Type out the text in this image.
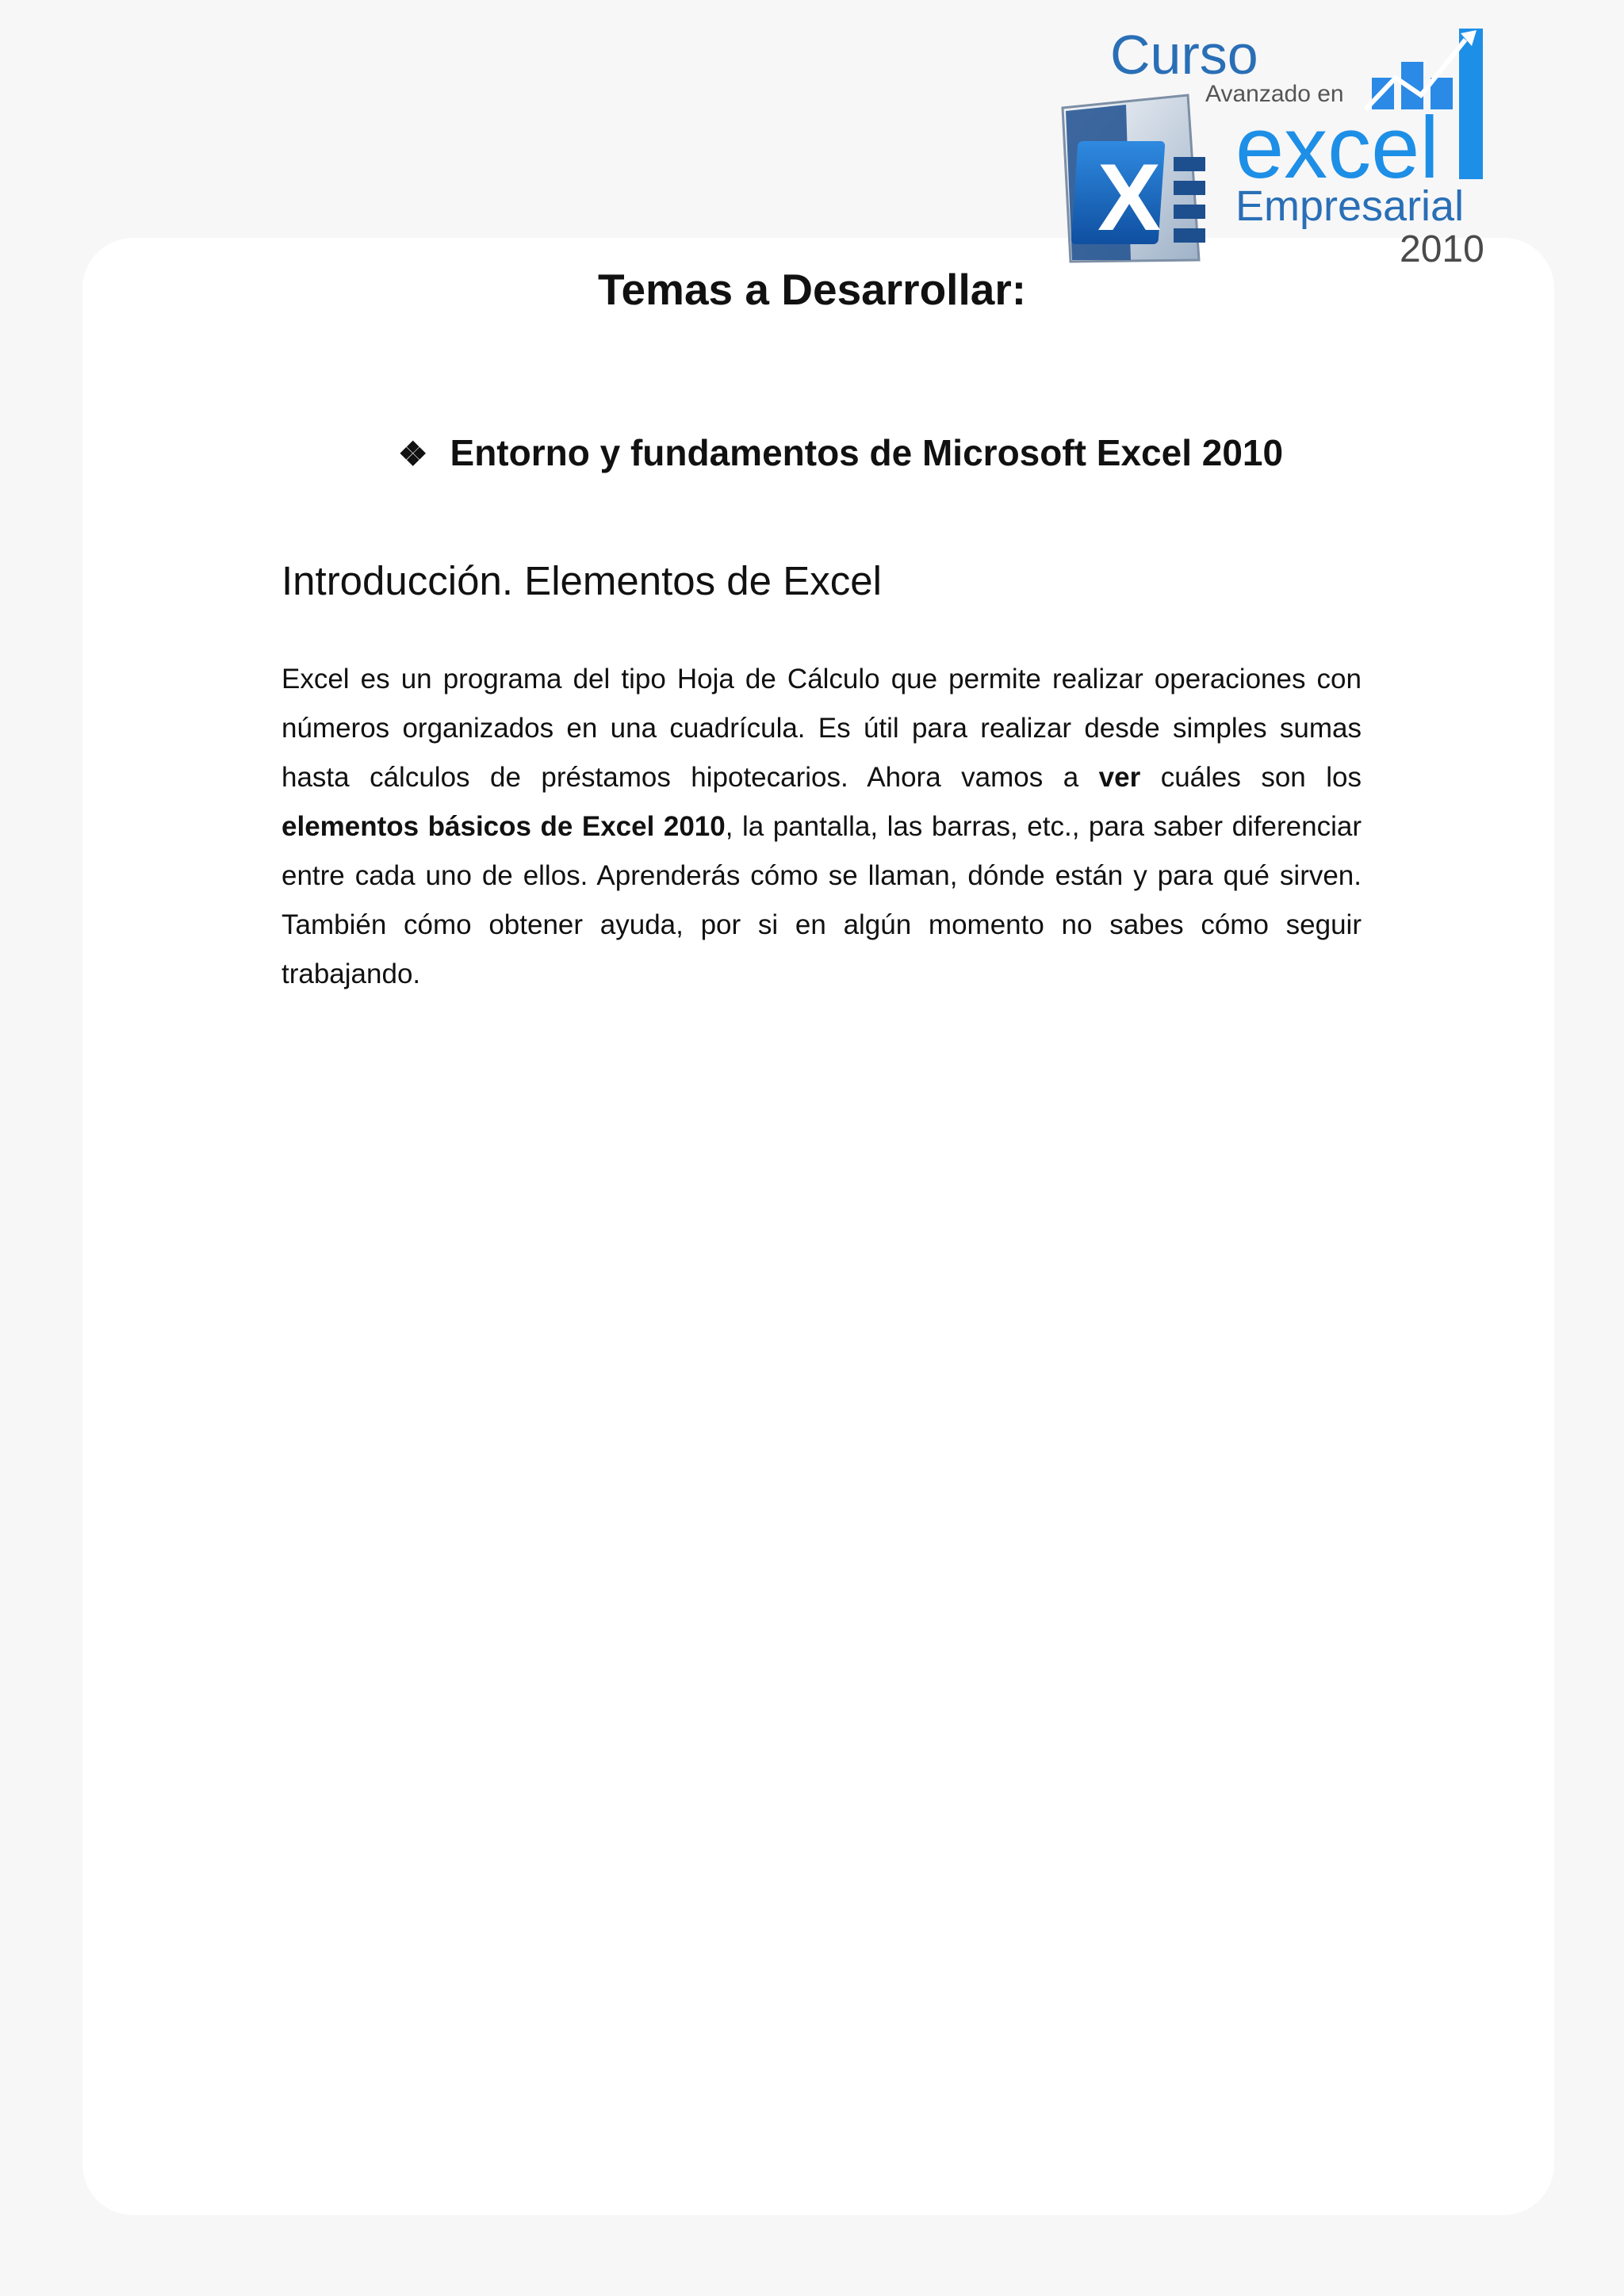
X
Curso
Avanzado en
excel
Empresarial
2010
Temas a Desarrollar:
❖ Entorno y fundamentos de Microsoft Excel 2010
Introducción. Elementos de Excel

Excel es un programa del tipo Hoja de Cálculo que permite realizar operaciones con números organizados en una cuadrícula. Es útil para realizar desde simples sumas hasta cálculos de préstamos hipotecarios. Ahora vamos a ver cuáles son los elementos básicos de Excel 2010, la pantalla, las barras, etc., para saber diferenciar entre cada uno de ellos. Aprenderás cómo se llaman, dónde están y para qué sirven. También cómo obtener ayuda, por si en algún momento no sabes cómo seguir trabajando.
